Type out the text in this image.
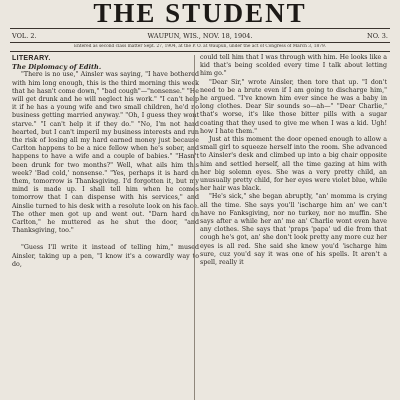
THE STUDENT
VOL. 2.	WAUPUN, WIS., NOV. 18, 1904.	NO. 3.
Entered as second class matter Sept. 27, 1904, at the P. O. at Waupun, under the act of Congress of March 3, 1879.

LITERARY.

The Diplomacy of Edith.

"There is no use," Ainsler was saying, "I have bothered with him long enough, this is the third morning this week that he hasn't come down," "bad cough"—"nonsense." "He will get drunk and he will neglect his work." "I can't help it if he has a young wife and two small children, he'd no business getting married anyway." "Oh, I guess they wont starve." "I can't help it if they do." "No, I'm not hard hearted, but I can't imperil my business interests and run the risk of losing all my hard earned money just because Carlton happens to be a nice fellow when he's sober, and happens to have a wife and a couple of babies." "Hasn't been drunk for two months?" Well, what ails him this week? 'Bad cold,' nonsense." "Yes, perhaps it is hard on them, tomorrow is Thanksgiving. I'd forgotten it, but my mind is made up. I shall tell him when he comes tomorrow that I can dispense with his services," and Ainslie turned to his desk with a resolute look on his face. The other men got up and went out. "Darn hard on Carlton," he muttered as he shut the door, "and Thanksgiving, too."

"Guess I'll write it instead of telling him," mused Ainsler, taking up a pen, "I know it's a cowardly way to do,

could tell him that I was through with him. He looks like a kid that's being scolded every time I talk about letting him go."

"Dear Sir," wrote Ainsler, then tore that up. "I don't need to be a brute even if I am going to discharge him," he argued. "I've known him ever since he was a baby in long clothes. Dear Sir sounds so—ah—" "Dear Charlie," that's worse, it's like those bitter pills with a sugar coating that they used to give me when I was a kid. Ugh! how I hate them."

Just at this moment the door opened enough to allow a small girl to squeeze herself into the room. She advanced to Ainsler's desk and climbed up into a big chair opposite him and settled herself, all the time gazing at him with her big solemn eyes. She was a very pretty child, an unusually pretty child, for her eyes were violet blue, while her hair was black.

"He's sick," she began abruptly, "an' momma is crying all the time. She says you'll 'ischarge him an' we can't have no Fanksgiving, nor no turkey, nor no muffin. She says after a while her an' me an' Charlie wont even have any clothes. She says that 'praps 'papa' ud die from that cough he's got, an' she don't look pretty any more cuz her eyes is all red. She said she knew you'd 'ischarge him sure, cuz you'd say it was one of his spells. It aren't a spell, really it
